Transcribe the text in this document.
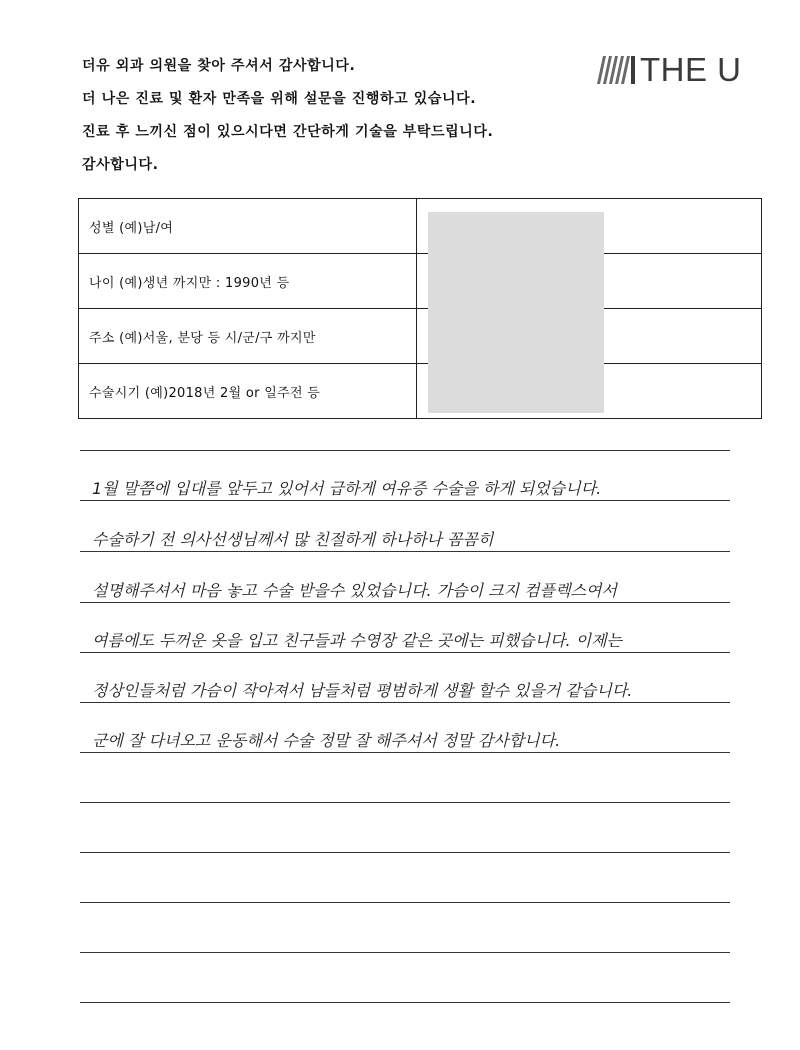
더유 외과 의원을 찾아 주셔서 감사합니다.
더 나은 진료 및 환자 만족을 위해 설문을 진행하고 있습니다.
진료 후 느끼신 점이 있으시다면 간단하게 기술을 부탁드립니다.
감사합니다.
THE U
성별 (예)남/여	
나이 (예)생년 까지만 : 1990년 등	
주소 (예)서울, 분당 등 시/군/구 까지만	
수술시기 (예)2018년 2월 or 일주전 등	
1월 말쯤에 입대를 앞두고 있어서 급하게 여유증 수술을 하게 되었습니다.
수술하기 전 의사선생님께서 많 친절하게 하나하나 꼼꼼히
설명해주셔서 마음 놓고 수술 받을수 있었습니다. 가슴이 크지 컴플렉스여서
여름에도 두꺼운 옷을 입고 친구들과 수영장 같은 곳에는 피했습니다. 이제는
정상인들처럼 가슴이 작아져서 남들처럼 평범하게 생활 할수 있을거 같습니다.
군에 잘 다녀오고 운동해서 수술 정말 잘 해주셔서 정말 감사합니다.
